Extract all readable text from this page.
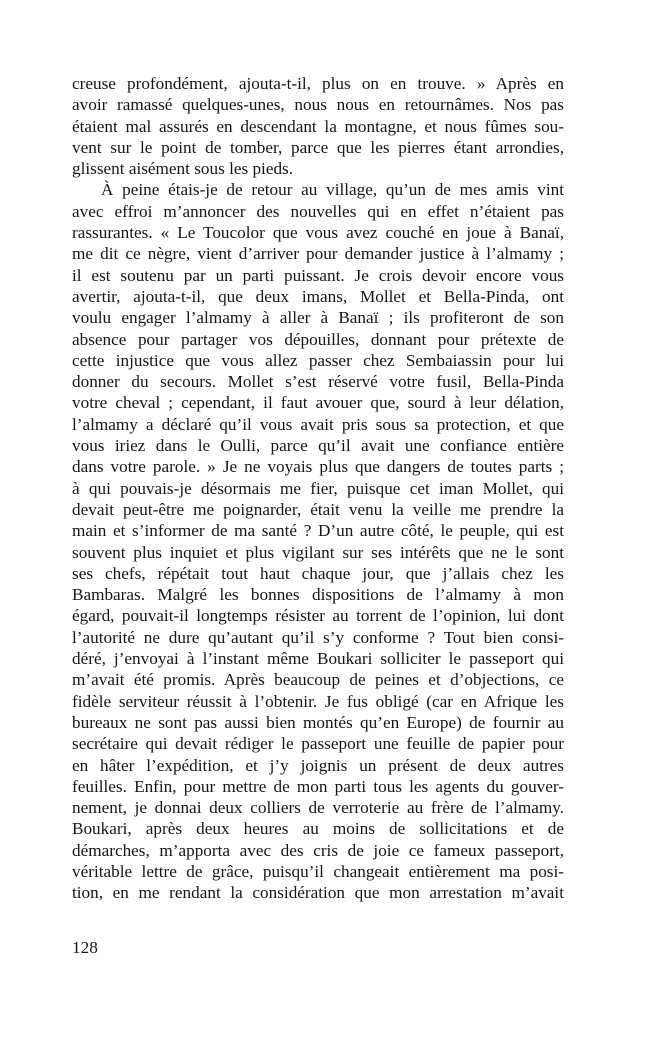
creuse profondément, ajouta-t-il, plus on en trouve. » Après en
avoir ramassé quelques-unes, nous nous en retournâmes. Nos pas
étaient mal assurés en descendant la montagne, et nous fûmes sou-
vent sur le point de tomber, parce que les pierres étant arrondies,
glissent aisément sous les pieds.
À peine étais-je de retour au village, qu’un de mes amis vint
avec effroi m’annoncer des nouvelles qui en effet n’étaient pas
rassurantes. « Le Toucolor que vous avez couché en joue à Banaï,
me dit ce nègre, vient d’arriver pour demander justice à l’almamy ;
il est soutenu par un parti puissant. Je crois devoir encore vous
avertir, ajouta-t-il, que deux imans, Mollet et Bella-Pinda, ont
voulu engager l’almamy à aller à Banaï ; ils profiteront de son
absence pour partager vos dépouilles, donnant pour prétexte de
cette injustice que vous allez passer chez Sembaiassin pour lui
donner du secours. Mollet s’est réservé votre fusil, Bella-Pinda
votre cheval ; cependant, il faut avouer que, sourd à leur délation,
l’almamy a déclaré qu’il vous avait pris sous sa protection, et que
vous iriez dans le Oulli, parce qu’il avait une confiance entière
dans votre parole. » Je ne voyais plus que dangers de toutes parts ;
à qui pouvais-je désormais me fier, puisque cet iman Mollet, qui
devait peut-être me poignarder, était venu la veille me prendre la
main et s’informer de ma santé ? D’un autre côté, le peuple, qui est
souvent plus inquiet et plus vigilant sur ses intérêts que ne le sont
ses chefs, répétait tout haut chaque jour, que j’allais chez les
Bambaras. Malgré les bonnes dispositions de l’almamy à mon
égard, pouvait-il longtemps résister au torrent de l’opinion, lui dont
l’autorité ne dure qu’autant qu’il s’y conforme ? Tout bien consi-
déré, j’envoyai à l’instant même Boukari solliciter le passeport qui
m’avait été promis. Après beaucoup de peines et d’objections, ce
fidèle serviteur réussit à l’obtenir. Je fus obligé (car en Afrique les
bureaux ne sont pas aussi bien montés qu’en Europe) de fournir au
secrétaire qui devait rédiger le passeport une feuille de papier pour
en hâter l’expédition, et j’y joignis un présent de deux autres
feuilles. Enfin, pour mettre de mon parti tous les agents du gouver-
nement, je donnai deux colliers de verroterie au frère de l’almamy.
Boukari, après deux heures au moins de sollicitations et de
démarches, m’apporta avec des cris de joie ce fameux passeport,
véritable lettre de grâce, puisqu’il changeait entièrement ma posi-
tion, en me rendant la considération que mon arrestation m’avait
128
